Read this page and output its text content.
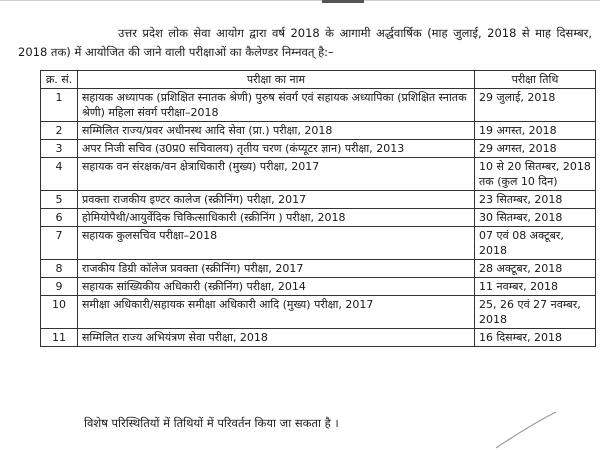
उत्तर प्रदेश लोक सेवा आयोग द्वारा वर्ष 2018 के आगामी अर्द्धवार्षिक (माह जुलाई, 2018 से माह दिसम्बर, 2018 तक) में आयोजित की जाने वाली परीक्षाओं का कैलेण्डर निम्नवत् है:–

क्र. सं.	परीक्षा का नाम	परीक्षा तिथि
1	सहायक अध्यापक (प्रशिक्षित स्नातक श्रेणी) पुरुष संवर्ग एवं सहायक अध्यापिका (प्रशिक्षित स्नातक श्रेणी) महिला संवर्ग परीक्षा–2018	29 जुलाई, 2018
2	सम्मिलित राज्य/प्रवर अधीनस्थ आदि सेवा (प्रा.) परीक्षा, 2018	19 अगस्त, 2018
3	अपर निजी सचिव (उ0प्र0 सचिवालय) तृतीय चरण (कंप्यूटर ज्ञान) परीक्षा, 2013	29 अगस्त, 2018
4	सहायक वन संरक्षक/वन क्षेत्राधिकारी (मुख्य) परीक्षा, 2017	10 से 20 सितम्बर, 2018 तक (कुल 10 दिन)
5	प्रवक्ता राजकीय इण्टर कालेज (स्क्रीनिंग) परीक्षा, 2017	23 सितम्बर, 2018
6	होमियोपैथी/आयुर्वेदिक चिकित्साधिकारी (स्क्रीनिंग ) परीक्षा, 2018	30 सितम्बर, 2018
7	सहायक कुलसचिव परीक्षा–2018	07 एवं 08 अक्टूबर, 2018
8	राजकीय डिग्री कॉलेज प्रवक्ता (स्क्रीनिंग) परीक्षा, 2017	28 अक्टूबर, 2018
9	सहायक सांख्यिकीय अधिकारी (स्क्रीनिंग) परीक्षा, 2014	11 नवम्बर, 2018
10	समीक्षा अधिकारी/सहायक समीक्षा अधिकारी आदि (मुख्य) परीक्षा, 2017	25, 26 एवं 27 नवम्बर, 2018
11	सम्मिलित राज्य अभियंत्रण सेवा परीक्षा, 2018	16 दिसम्बर, 2018
विशेष परिस्थितियों में तिथियों में परिवर्तन किया जा सकता है ।
